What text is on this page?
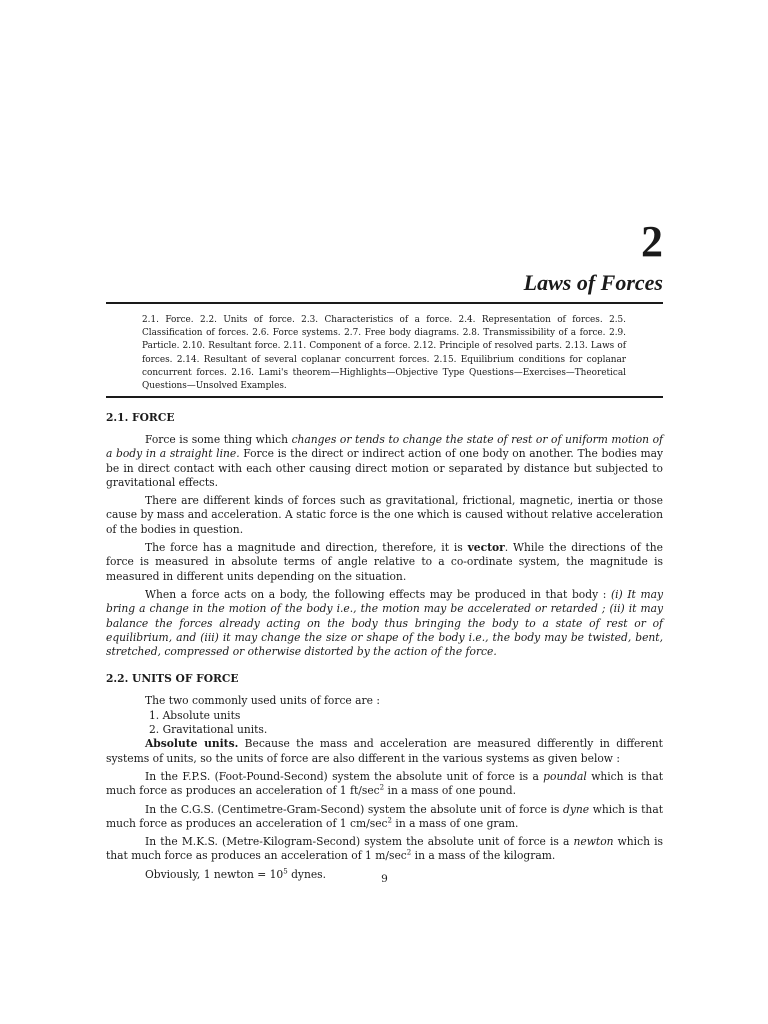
2
Laws of Forces
2.1. Force. 2.2. Units of force. 2.3. Characteristics of a force. 2.4. Representation of forces. 2.5. Classification of forces. 2.6. Force systems. 2.7. Free body diagrams. 2.8. Transmissibility of a force. 2.9. Particle. 2.10. Resultant force. 2.11. Component of a force. 2.12. Principle of resolved parts. 2.13. Laws of forces. 2.14. Resultant of several coplanar concurrent forces. 2.15. Equilibrium conditions for coplanar concurrent forces. 2.16. Lami's theorem—Highlights—Objective Type Questions—Exercises—Theoretical Questions—Unsolved Examples.
2.1. FORCE

Force is some thing which changes or tends to change the state of rest or of uniform motion of a body in a straight line. Force is the direct or indirect action of one body on another. The bodies may be in direct contact with each other causing direct motion or separated by distance but subjected to gravitational effects.

There are different kinds of forces such as gravitational, frictional, magnetic, inertia or those cause by mass and acceleration. A static force is the one which is caused without relative acceleration of the bodies in question.

The force has a magnitude and direction, therefore, it is vector. While the directions of the force is measured in absolute terms of angle relative to a co-ordinate system, the magnitude is measured in different units depending on the situation.

When a force acts on a body, the following effects may be produced in that body : (i) It may bring a change in the motion of the body i.e., the motion may be accelerated or retarded ; (ii) it may balance the forces already acting on the body thus bringing the body to a state of rest or of equilibrium, and (iii) it may change the size or shape of the body i.e., the body may be twisted, bent, stretched, compressed or otherwise distorted by the action of the force.

2.2. UNITS OF FORCE

The two commonly used units of force are :

1. Absolute units

2. Gravitational units.

Absolute units. Because the mass and acceleration are measured differently in different systems of units, so the units of force are also different in the various systems as given below :

In the F.P.S. (Foot-Pound-Second) system the absolute unit of force is a poundal which is that much force as produces an acceleration of 1 $ft/\sec^2$ in a mass of one pound.

In the C.G.S. (Centimetre-Gram-Second) system the absolute unit of force is dyne which is that much force as produces an acceleration of 1 $cm/\sec^2$ in a mass of one gram.

In the M.K.S. (Metre-Kilogram-Second) system the absolute unit of force is a newton which is that much force as produces an acceleration of 1 $m/\sec^2$ in a mass of the kilogram.

Obviously, 1 newton = $10^5$ dynes.	9
